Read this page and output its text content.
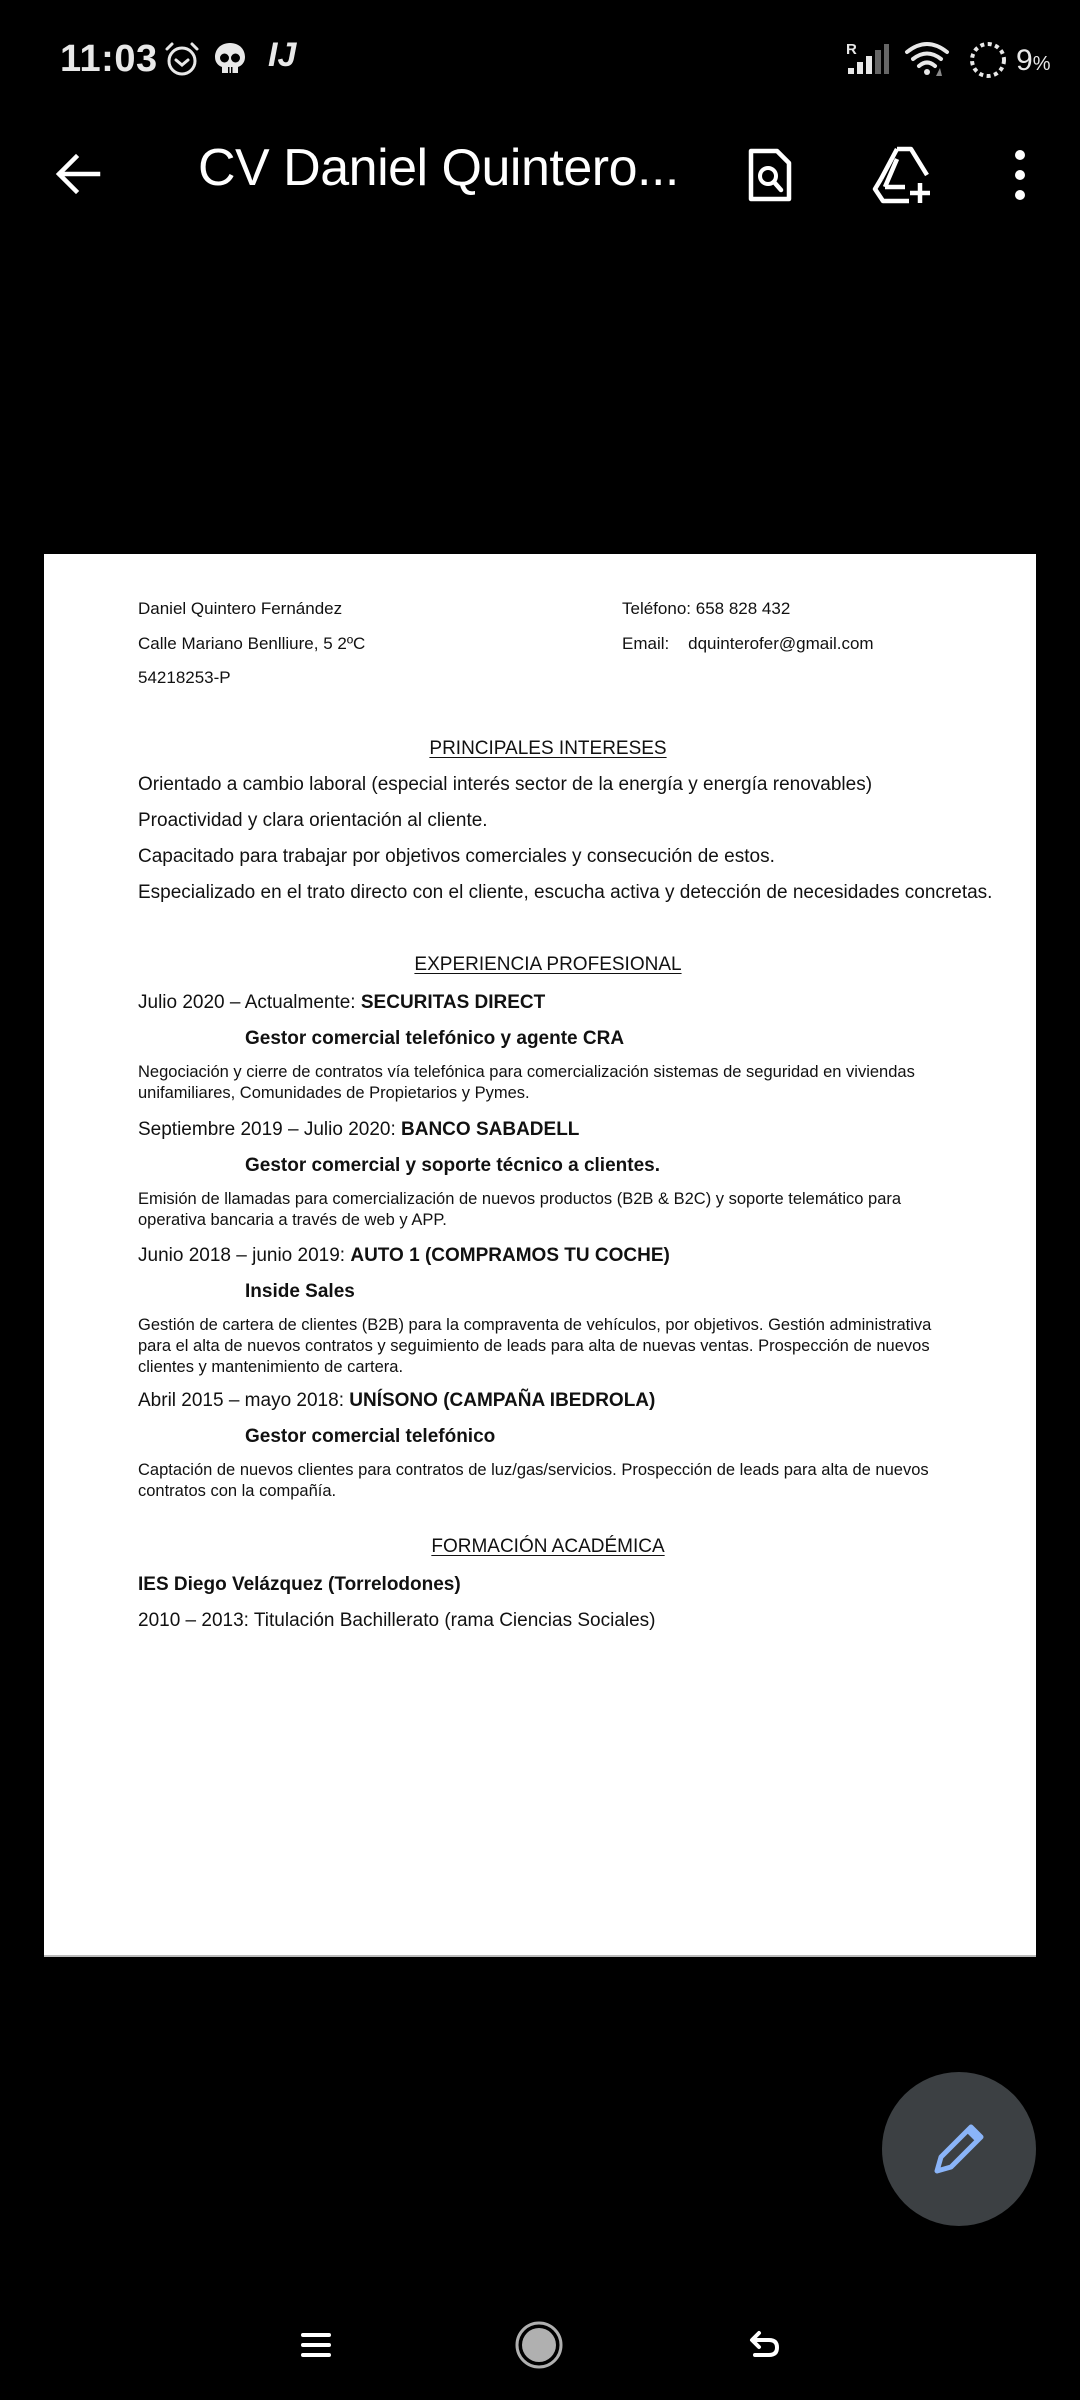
11:03	IJ	R	9%
CV Daniel Quintero...
Daniel Quintero Fernández
Calle Mariano Benlliure, 5 2ºC
54218253-P
Teléfono: 658 828 432
Email: dquinterofer@gmail.com
PRINCIPALES INTERESES
Orientado a cambio laboral (especial interés sector de la energía y energía renovables)
Proactividad y clara orientación al cliente.
Capacitado para trabajar por objetivos comerciales y consecución de estos.
Especializado en el trato directo con el cliente, escucha activa y detección de necesidades concretas.
EXPERIENCIA PROFESIONAL
Julio 2020 – Actualmente: SECURITAS DIRECT
Gestor comercial telefónico y agente CRA
Negociación y cierre de contratos vía telefónica para comercialización sistemas de seguridad en viviendas unifamiliares, Comunidades de Propietarios y Pymes.
Septiembre 2019 – Julio 2020: BANCO SABADELL
Gestor comercial y soporte técnico a clientes.
Emisión de llamadas para comercialización de nuevos productos (B2B & B2C) y soporte telemático para operativa bancaria a través de web y APP.
Junio 2018 – junio 2019: AUTO 1 (COMPRAMOS TU COCHE)
Inside Sales
Gestión de cartera de clientes (B2B) para la compraventa de vehículos, por objetivos. Gestión administrativa para el alta de nuevos contratos y seguimiento de leads para alta de nuevas ventas. Prospección de nuevos clientes y mantenimiento de cartera.
Abril 2015 – mayo 2018: UNÍSONO (CAMPAÑA IBEDROLA)
Gestor comercial telefónico
Captación de nuevos clientes para contratos de luz/gas/servicios. Prospección de leads para alta de nuevos contratos con la compañía.
FORMACIÓN ACADÉMICA
IES Diego Velázquez (Torrelodones)
2010 – 2013: Titulación Bachillerato (rama Ciencias Sociales)
